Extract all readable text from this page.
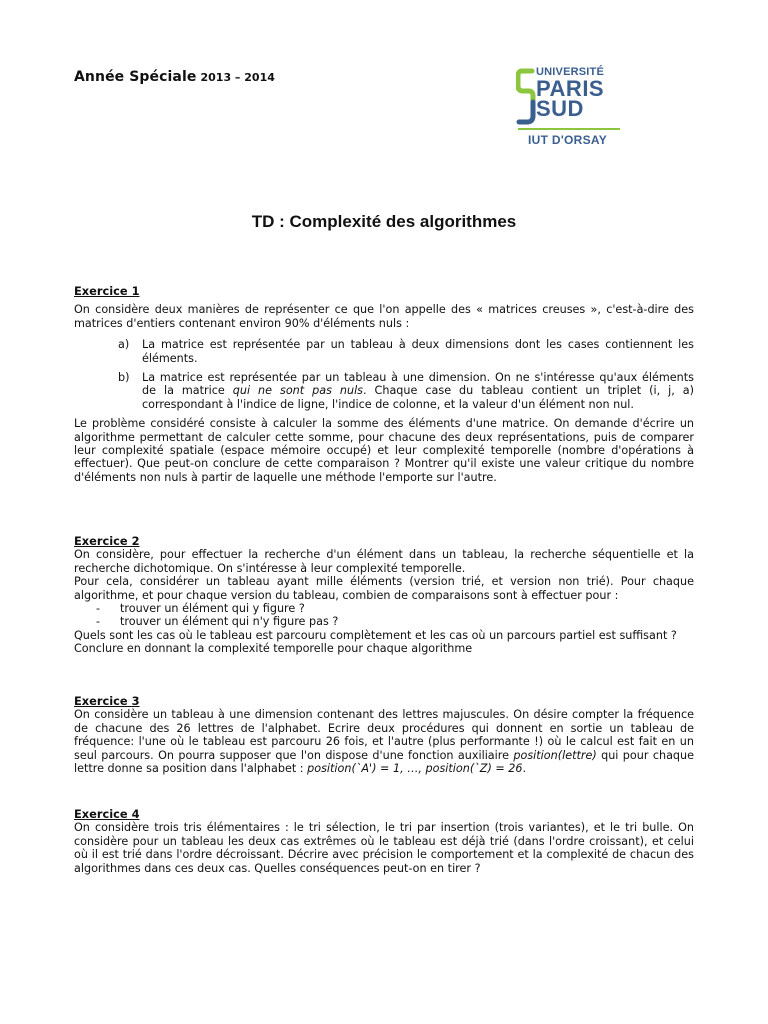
Année Spéciale 2013 – 2014	UNIVERSITÉ
PARIS
SUD
IUT D'ORSAY
TD : Complexité des algorithmes
Exercice 1

On considère deux manières de représenter ce que l'on appelle des « matrices creuses », c'est-à-dire des matrices d'entiers contenant environ 90% d'éléments nuls :

a) La matrice est représentée par un tableau à deux dimensions dont les cases contiennent les éléments.
b) La matrice est représentée par un tableau à une dimension. On ne s'intéresse qu'aux éléments de la matrice qui ne sont pas nuls. Chaque case du tableau contient un triplet (i, j, a) correspondant à l'indice de ligne, l'indice de colonne, et la valeur d'un élément non nul.

Le problème considéré consiste à calculer la somme des éléments d'une matrice. On demande d'écrire un algorithme permettant de calculer cette somme, pour chacune des deux représentations, puis de comparer leur complexité spatiale (espace mémoire occupé) et leur complexité temporelle (nombre d'opérations à effectuer). Que peut-on conclure de cette comparaison ? Montrer qu'il existe une valeur critique du nombre d'éléments non nuls à partir de laquelle une méthode l'emporte sur l'autre.

Exercice 2

On considère, pour effectuer la recherche d'un élément dans un tableau, la recherche séquentielle et la recherche dichotomique. On s'intéresse à leur complexité temporelle.

Pour cela, considérer un tableau ayant mille éléments (version trié, et version non trié). Pour chaque algorithme, et pour chaque version du tableau, combien de comparaisons sont à effectuer pour :

- trouver un élément qui y figure ?
- trouver un élément qui n'y figure pas ?

Quels sont les cas où le tableau est parcouru complètement et les cas où un parcours partiel est suffisant ?

Conclure en donnant la complexité temporelle pour chaque algorithme

Exercice 3

On considère un tableau à une dimension contenant des lettres majuscules. On désire compter la fréquence de chacune des 26 lettres de l'alphabet. Ecrire deux procédures qui donnent en sortie un tableau de fréquence: l'une où le tableau est parcouru 26 fois, et l'autre (plus performante !) où le calcul est fait en un seul parcours. On pourra supposer que l'on dispose d'une fonction auxiliaire position(lettre) qui pour chaque lettre donne sa position dans l'alphabet : position(`A') = 1, …, position(`Z) = 26.

Exercice 4

On considère trois tris élémentaires : le tri sélection, le tri par insertion (trois variantes), et le tri bulle. On considère pour un tableau les deux cas extrêmes où le tableau est déjà trié (dans l'ordre croissant), et celui où il est trié dans l'ordre décroissant. Décrire avec précision le comportement et la complexité de chacun des algorithmes dans ces deux cas. Quelles conséquences peut-on en tirer ?
